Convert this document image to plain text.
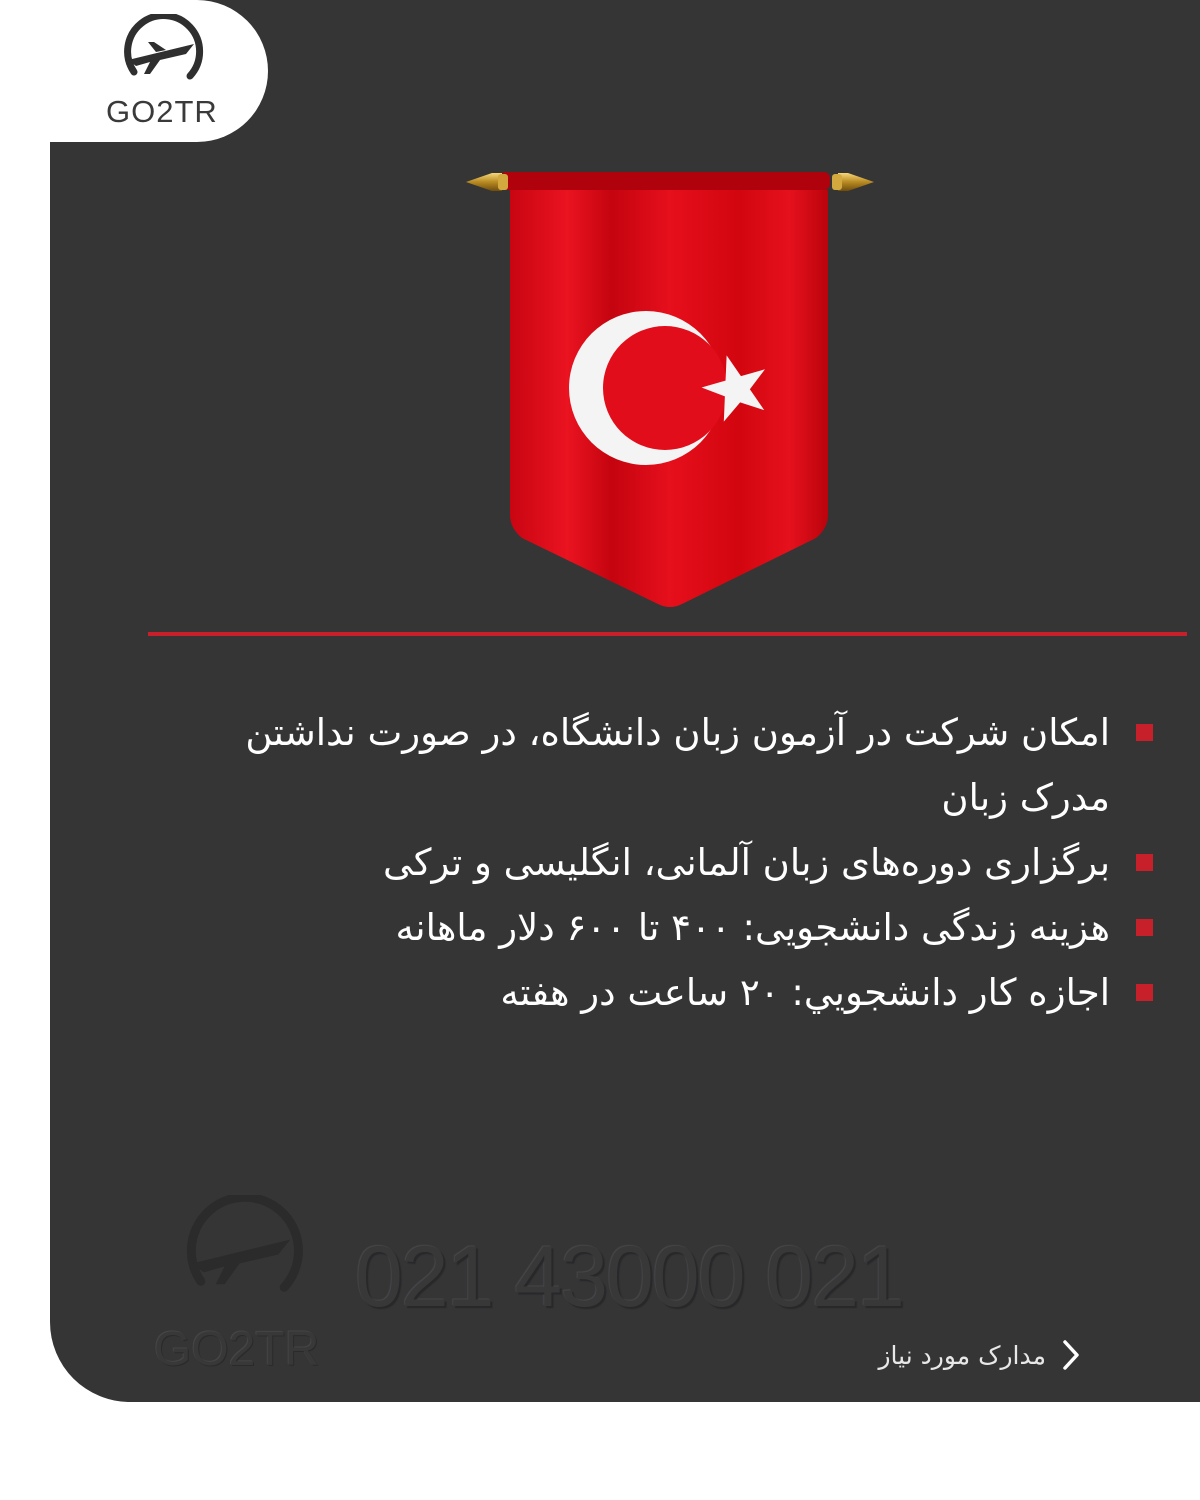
GO2TR
امکان شرکت در آزمون زبان دانشگاه، در صورت نداشتن مدرک زبان
برگزاری دوره‌های زبان آلمانی، انگلیسی و ترکی
هزینه زندگی دانشجویی: ۴۰۰ تا ۶۰۰ دلار ماهانه
اجازه کار دانشجويي: ۲۰ ساعت در هفته
GO2TR
021 43000 021
مدارک مورد نیاز
